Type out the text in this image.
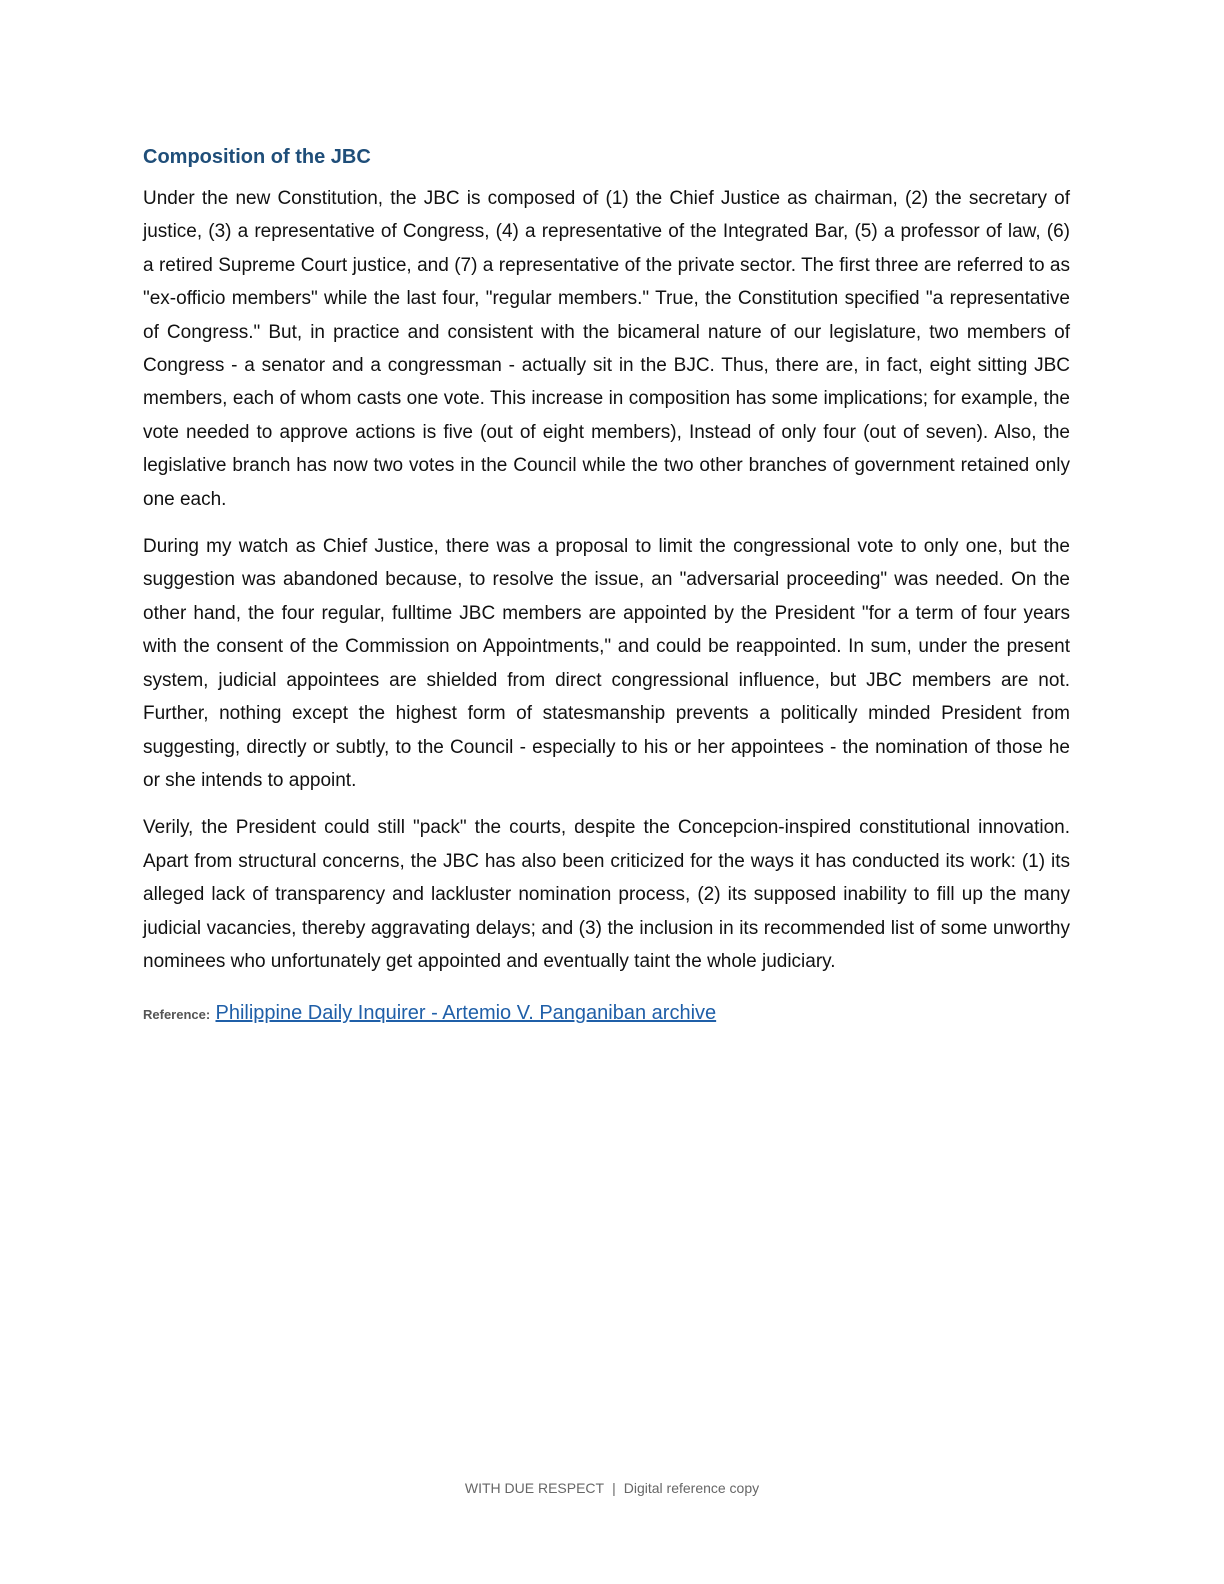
Composition of the JBC

Under the new Constitution, the JBC is composed of (1) the Chief Justice as chairman, (2) the secretary of justice, (3) a representative of Congress, (4) a representative of the Integrated Bar, (5) a professor of law, (6) a retired Supreme Court justice, and (7) a representative of the private sector. The first three are referred to as "ex-officio members" while the last four, "regular members." True, the Constitution specified "a representative of Congress." But, in practice and consistent with the bicameral nature of our legislature, two members of Congress - a senator and a congressman - actually sit in the BJC. Thus, there are, in fact, eight sitting JBC members, each of whom casts one vote. This increase in composition has some implications; for example, the vote needed to approve actions is five (out of eight members), Instead of only four (out of seven). Also, the legislative branch has now two votes in the Council while the two other branches of government retained only one each.

During my watch as Chief Justice, there was a proposal to limit the congressional vote to only one, but the suggestion was abandoned because, to resolve the issue, an "adversarial proceeding" was needed. On the other hand, the four regular, fulltime JBC members are appointed by the President "for a term of four years with the consent of the Commission on Appointments," and could be reappointed. In sum, under the present system, judicial appointees are shielded from direct congressional influence, but JBC members are not. Further, nothing except the highest form of statesmanship prevents a politically minded President from suggesting, directly or subtly, to the Council - especially to his or her appointees - the nomination of those he or she intends to appoint.

Verily, the President could still "pack" the courts, despite the Concepcion-inspired constitutional innovation. Apart from structural concerns, the JBC has also been criticized for the ways it has conducted its work: (1) its alleged lack of transparency and lackluster nomination process, (2) its supposed inability to fill up the many judicial vacancies, thereby aggravating delays; and (3) the inclusion in its recommended list of some unworthy nominees who unfortunately get appointed and eventually taint the whole judiciary.

Reference: Philippine Daily Inquirer - Artemio V. Panganiban archive
WITH DUE RESPECT | Digital reference copy
